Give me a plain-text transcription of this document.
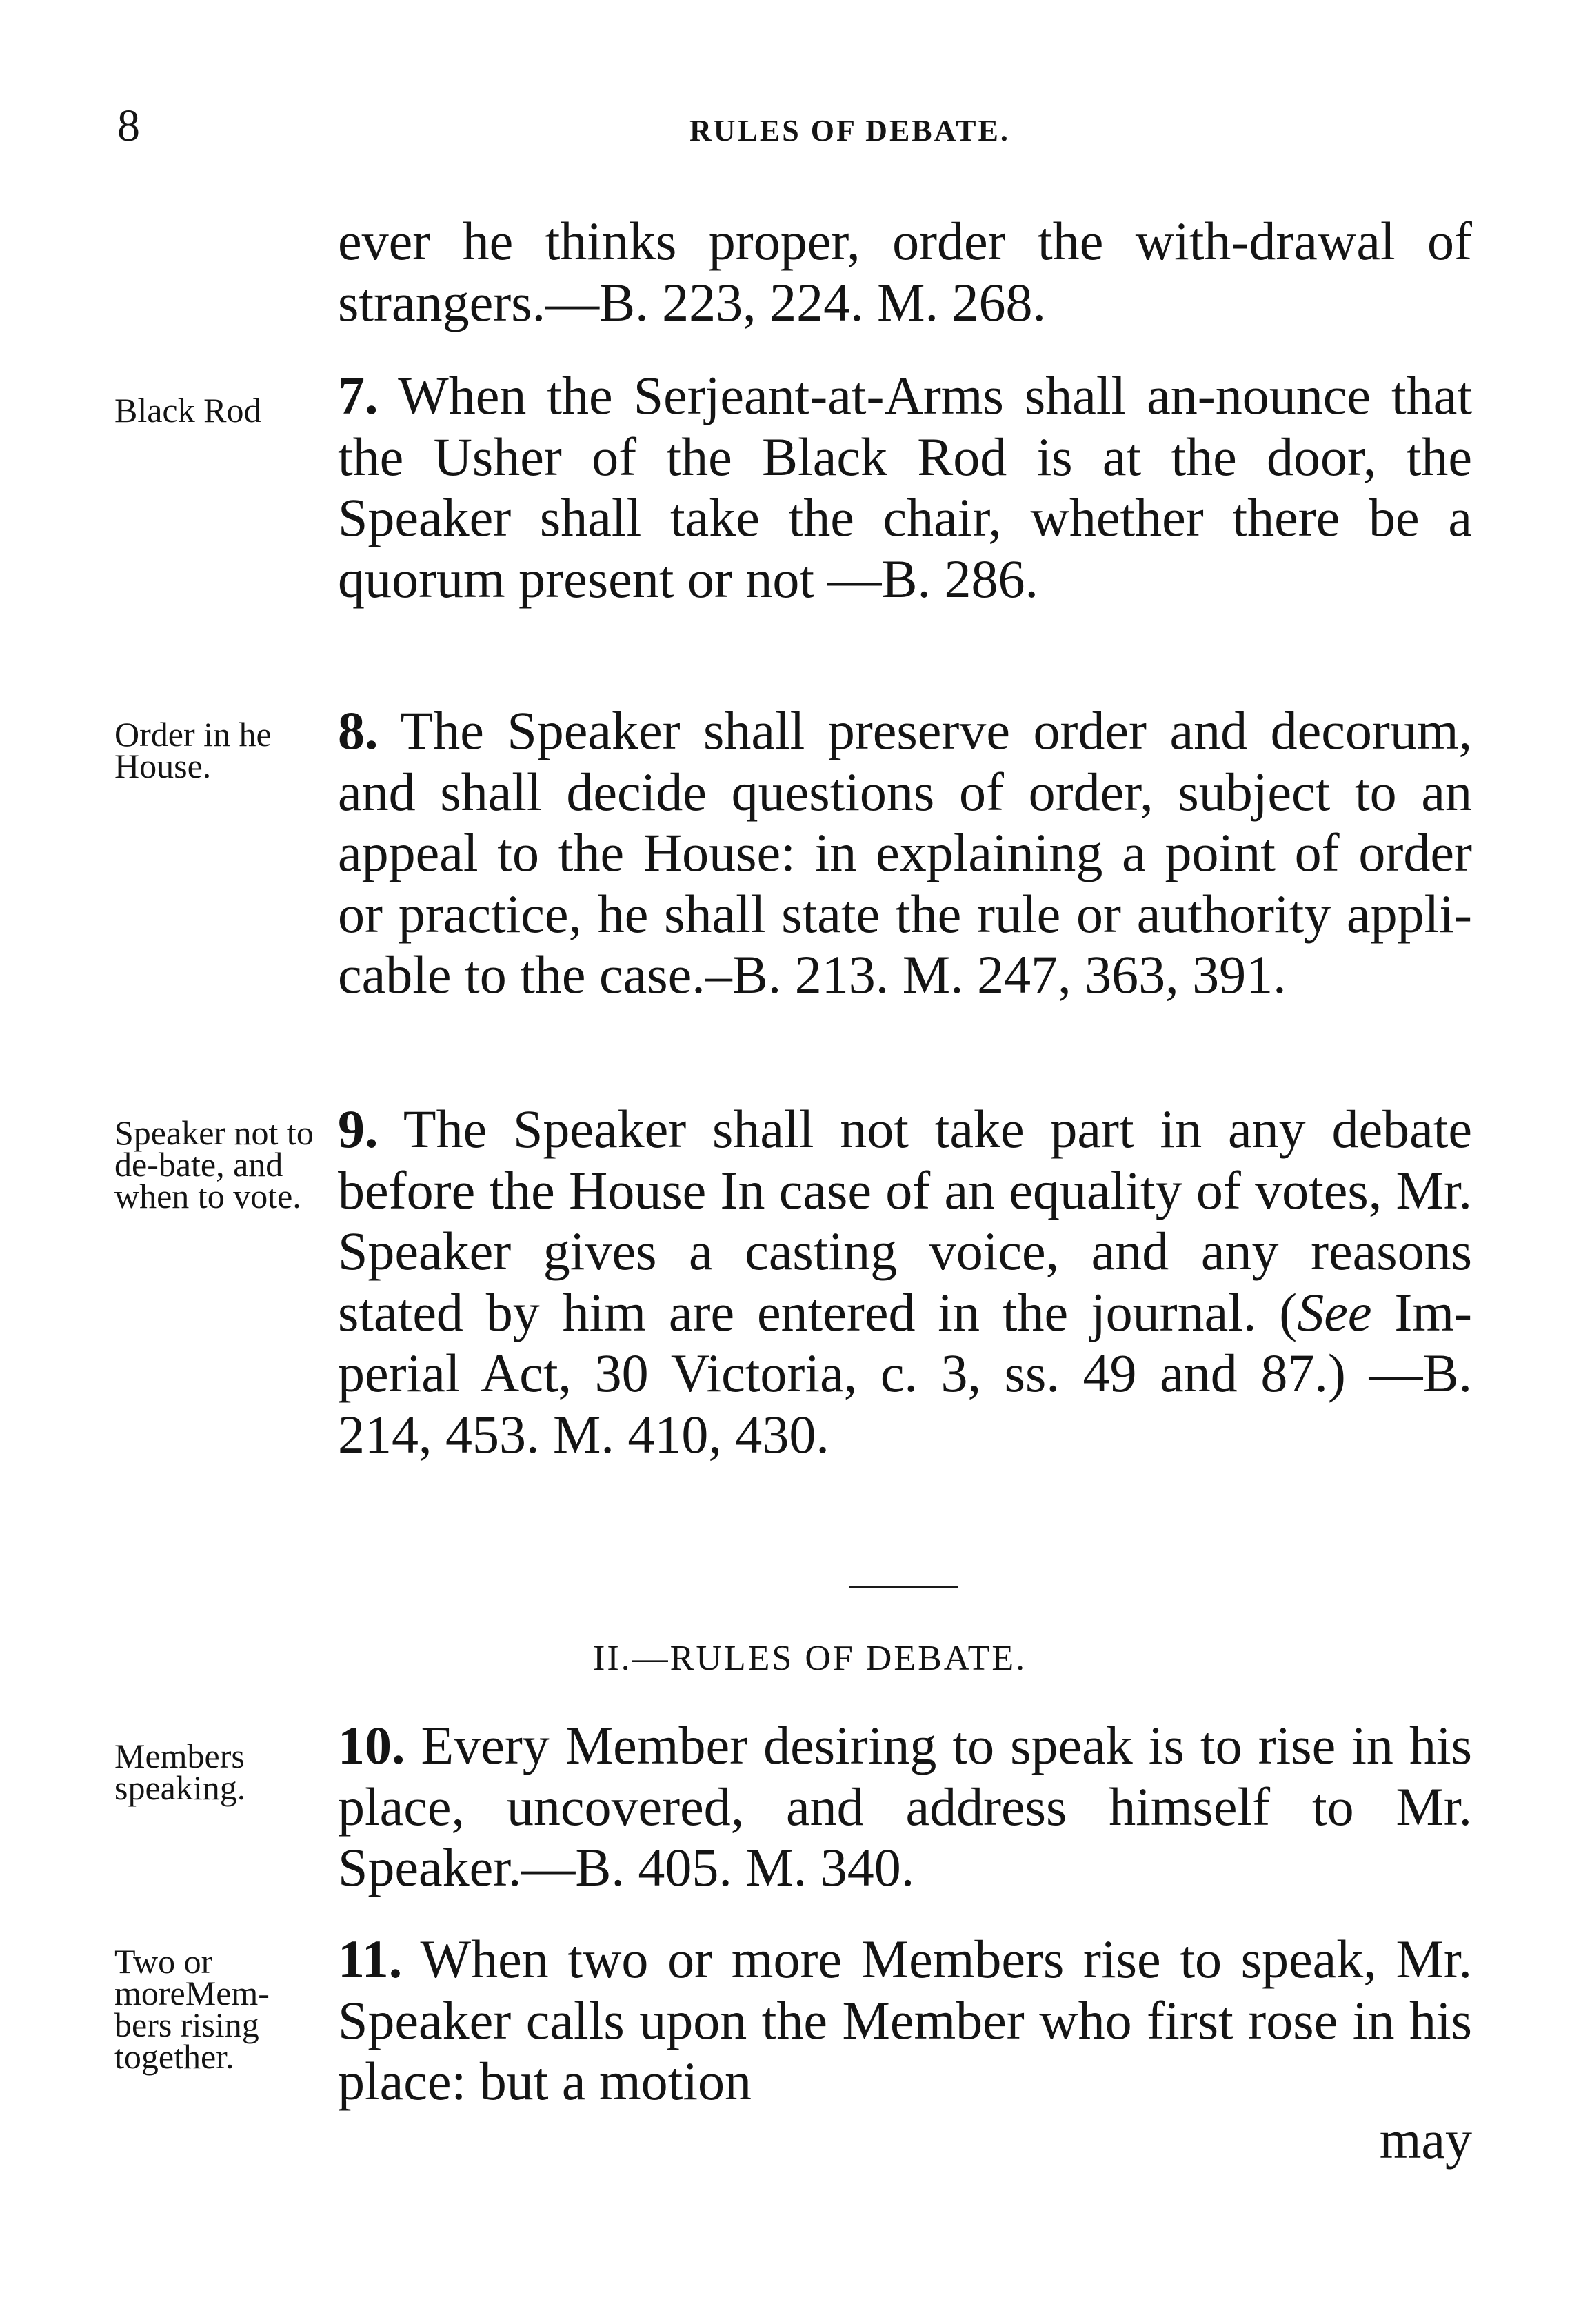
8	RULES OF DEBATE.

ever he thinks proper, order the with-drawal of strangers.—B. 223, 224. M. 268.

Black Rod	7. When the Serjeant-at-Arms shall an-nounce that the Usher of the Black Rod is at the door, the Speaker shall take the chair, whether there be a quorum present or not —B. 286.

Order in he House.

8. The Speaker shall preserve order and decorum, and shall decide questions of order, subject to an appeal to the House: in explaining a point of order or practice, he shall state the rule or authority appli-cable to the case.–B. 213. M. 247, 363, 391.

Speaker not to de-bate, and when to vote.

9. The Speaker shall not take part in any debate before the House In case of an equality of votes, Mr. Speaker gives a casting voice, and any reasons stated by him are entered in the journal. (See Im-perial Act, 30 Victoria, c. 3, ss. 49 and 87.) —B. 214, 453. M. 410, 430.

II.—RULES OF DEBATE.
Members speaking.

10. Every Member desiring to speak is to rise in his place, uncovered, and address himself to Mr. Speaker.—B. 405. M. 340.

Two or moreMem-bers rising together.

11. When two or more Members rise to speak, Mr. Speaker calls upon the Member who first rose in his place: but a motion

may
